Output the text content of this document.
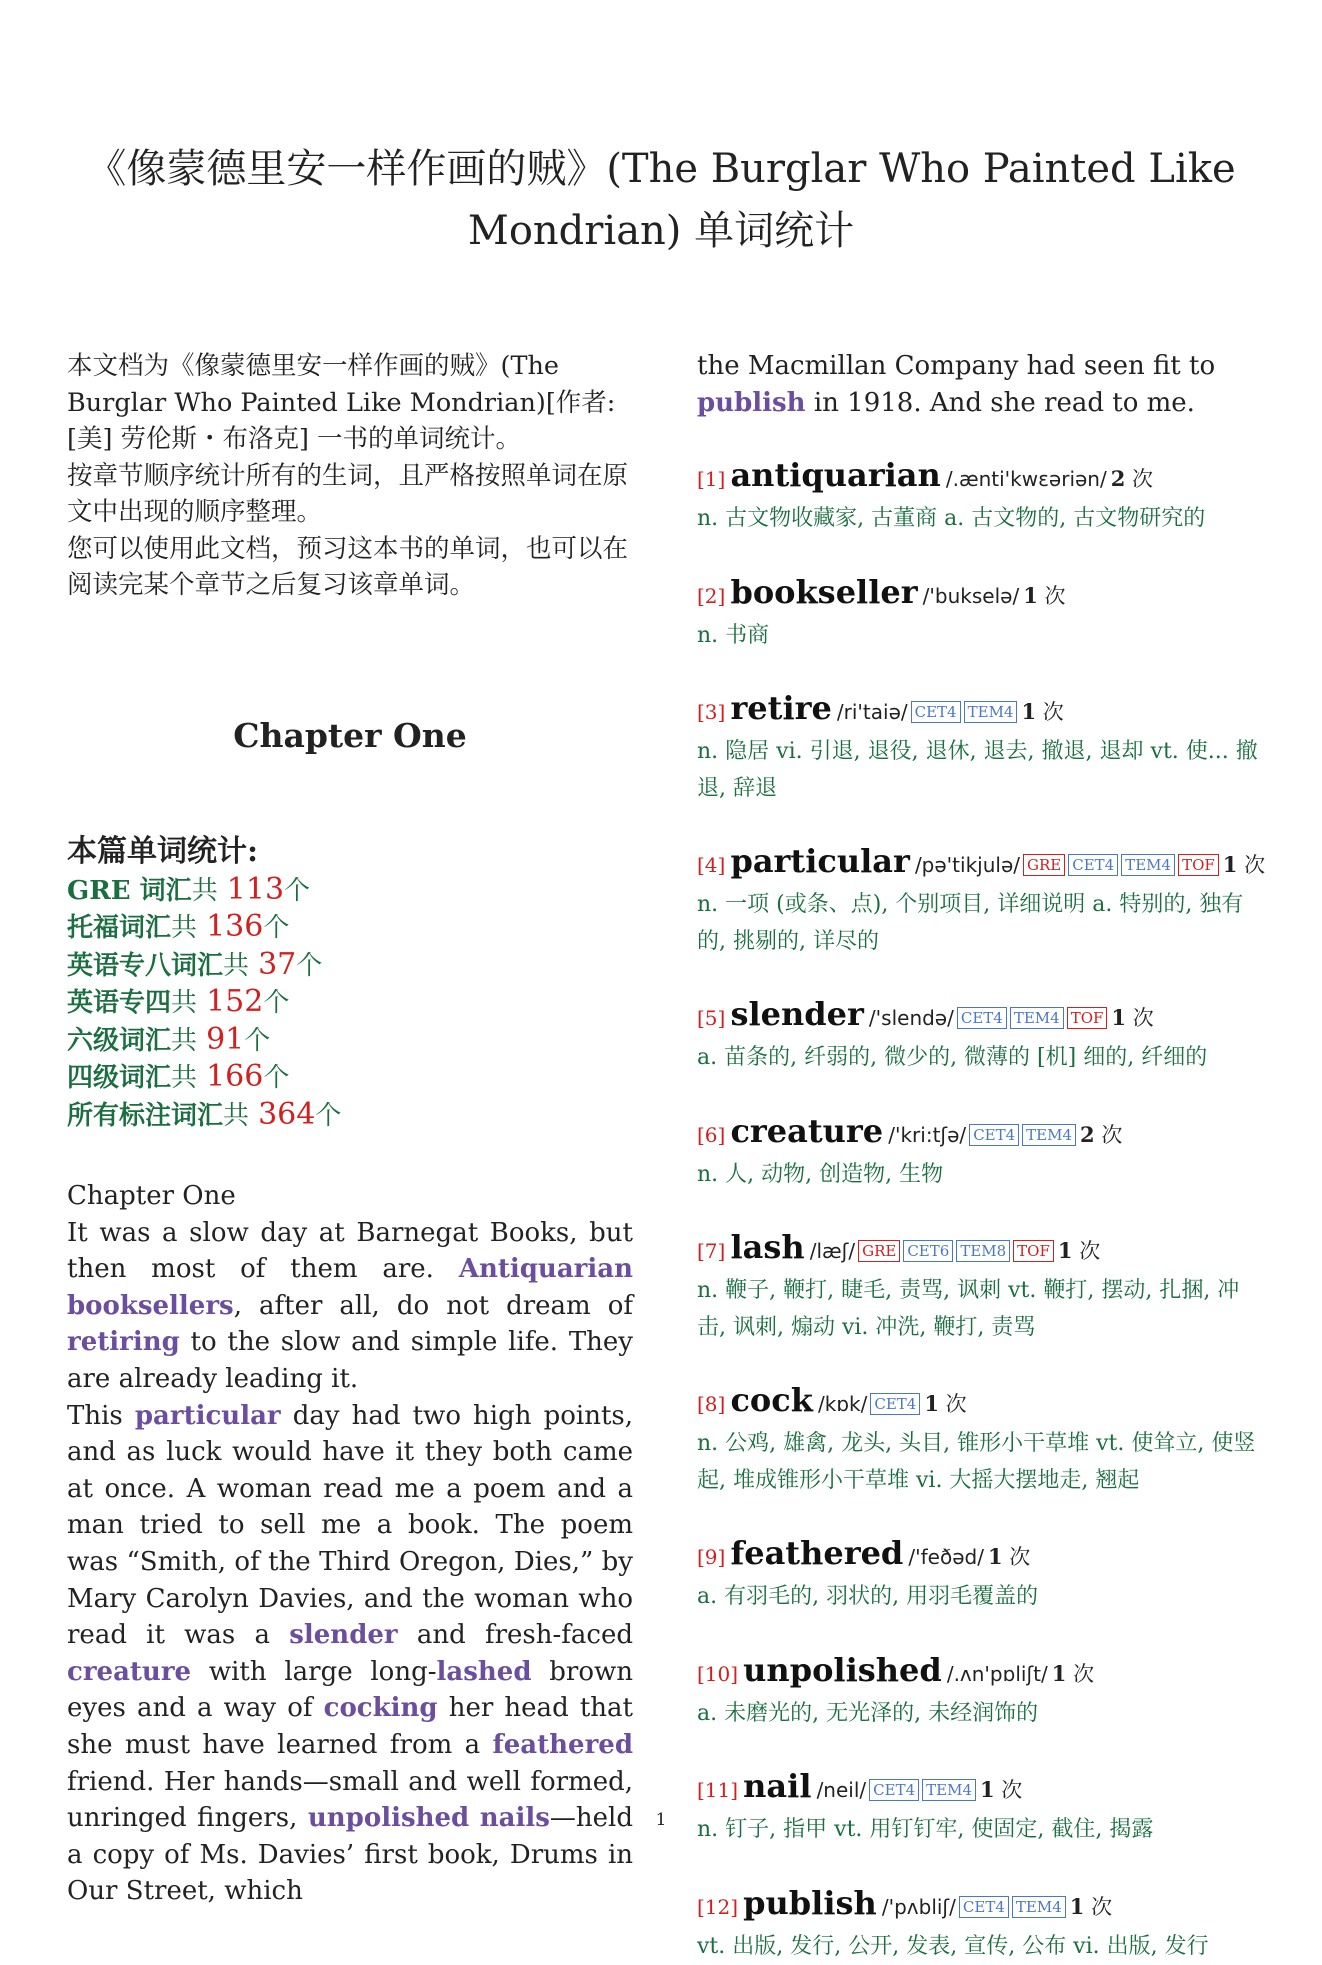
《像蒙德里安一样作画的贼》(The Burglar Who Painted Like
Mondrian) 单词统计

本文档为《像蒙德里安一样作画的贼》(The Burglar Who Painted Like Mondrian)[作者: [美] 劳伦斯・布洛克] 一书的单词统计。

按章节顺序统计所有的生词，且严格按照单词在原文中出现的顺序整理。

您可以使用此文档，预习这本书的单词，也可以在阅读完某个章节之后复习该章单词。

Chapter One
本篇单词统计:
GRE 词汇共 113个
托福词汇共 136个
英语专八词汇共 37个
英语专四共 152个
六级词汇共 91个
四级词汇共 166个
所有标注词汇共 364个

Chapter One

It was a slow day at Barnegat Books, but then most of them are. Antiquarian booksellers, after all, do not dream of retiring to the slow and simple life. They are already leading it.

This particular day had two high points, and as luck would have it they both came at once. A woman read me a poem and a man tried to sell me a book. The poem was “Smith, of the Third Oregon, Dies,” by Mary Carolyn Davies, and the woman who read it was a slender and fresh-faced creature with large long-lashed brown eyes and a way of cocking her head that she must have learned from a feathered friend. Her hands—small and well formed, unringed fingers, unpolished nails—held a copy of Ms. Davies’ first book, Drums in Our Street, which

the Macmillan Company had seen fit to publish in 1918. And she read to me.

[1] antiquarian /.ænti'kwɛəriən/ 2 次
n. 古文物收藏家, 古董商 a. 古文物的, 古文物研究的
[2] bookseller /'bukselə/ 1 次
n. 书商
[3] retire /ri'taiə/ CET4 TEM4 1 次
n. 隐居 vi. 引退, 退役, 退休, 退去, 撤退, 退却 vt. 使... 撤退, 辞退
[4] particular /pə'tikjulə/ GRE CET4 TEM4 TOF 1 次
n. 一项 (或条、点), 个别项目, 详细说明 a. 特别的, 独有的, 挑剔的, 详尽的
[5] slender /'slendə/ CET4 TEM4 TOF 1 次
a. 苗条的, 纤弱的, 微少的, 微薄的 [机] 细的, 纤细的
[6] creature /'kri:tʃə/ CET4 TEM4 2 次
n. 人, 动物, 创造物, 生物
[7] lash /læʃ/ GRE CET6 TEM8 TOF 1 次
n. 鞭子, 鞭打, 睫毛, 责骂, 讽刺 vt. 鞭打, 摆动, 扎捆, 冲击, 讽刺, 煽动 vi. 冲洗, 鞭打, 责骂
[8] cock /kɒk/ CET4 1 次
n. 公鸡, 雄禽, 龙头, 头目, 锥形小干草堆 vt. 使耸立, 使竖起, 堆成锥形小干草堆 vi. 大摇大摆地走, 翘起
[9] feathered /'feðəd/ 1 次
a. 有羽毛的, 羽状的, 用羽毛覆盖的
[10] unpolished /.ʌn'pɒliʃt/ 1 次
a. 未磨光的, 无光泽的, 未经润饰的
[11] nail /neil/ CET4 TEM4 1 次
n. 钉子, 指甲 vt. 用钉钉牢, 使固定, 截住, 揭露
[12] publish /'pʌbliʃ/ CET4 TEM4 1 次
vt. 出版, 发行, 公开, 发表, 宣传, 公布 vi. 出版, 发行
1
